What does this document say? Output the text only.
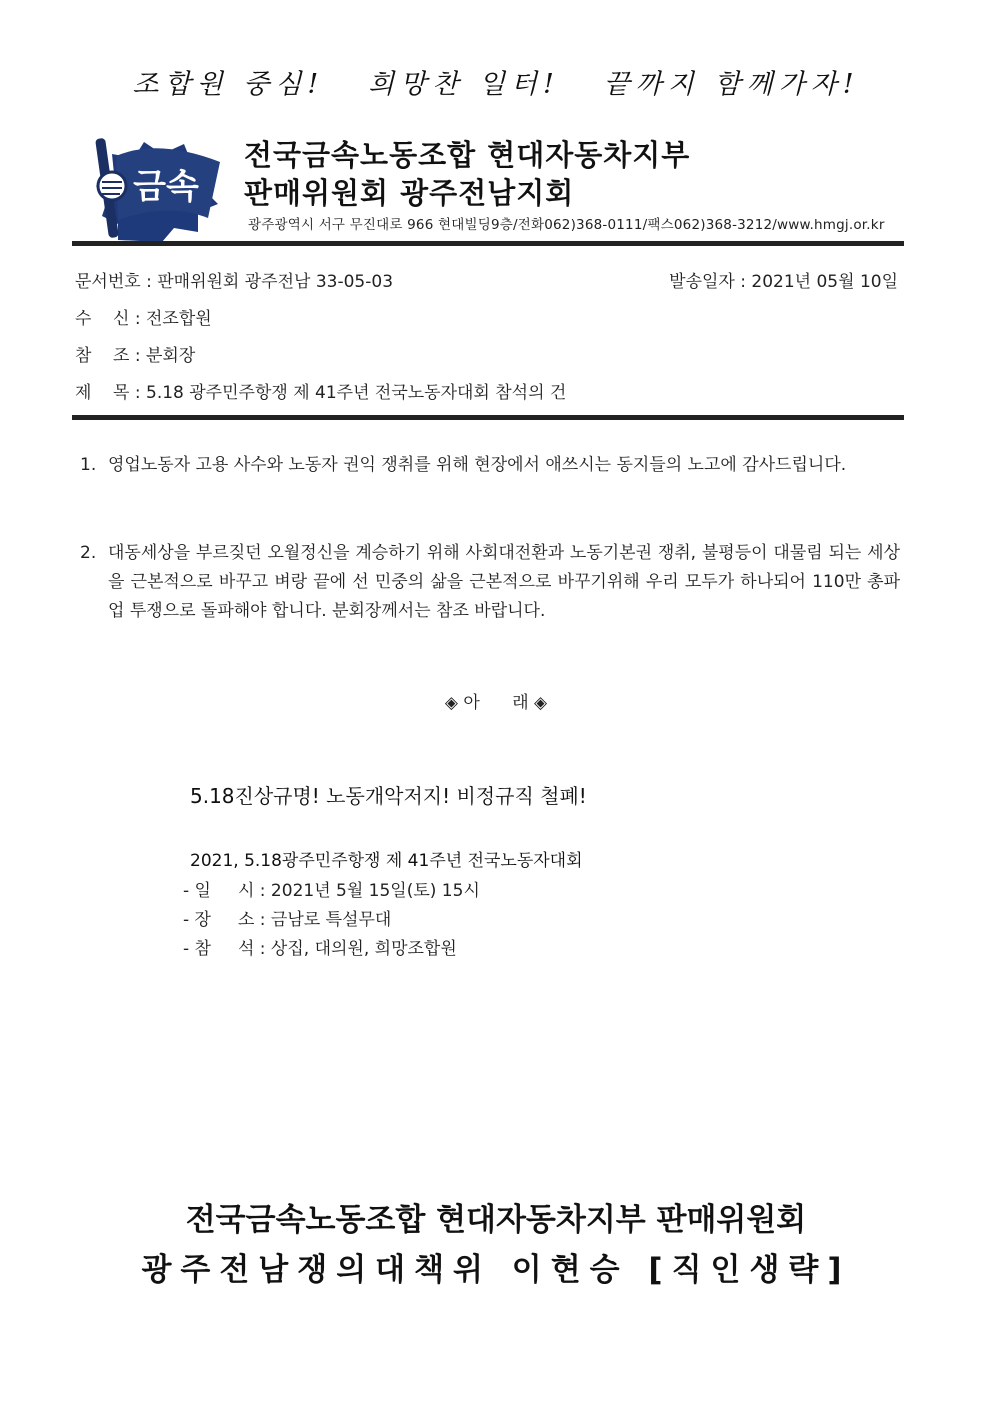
조합원 중심!   희망찬 일터!   끝까지 함께가자!
금속
전국금속노동조합 현대자동차지부
판매위원회 광주전남지회
광주광역시 서구 무진대로 966 현대빌딩9층/전화062)368-0111/팩스062)368-3212/www.hmgj.or.kr
문서번호 : 판매위원회 광주전남 33-05-03	발송일자 : 2021년 05월 10일
수    신 : 전조합원
참    조 : 분회장
제    목 : 5.18 광주민주항쟁 제 41주년 전국노동자대회 참석의 건
1. 영업노동자 고용 사수와 노동자 권익 쟁취를 위해 현장에서 애쓰시는 동지들의 노고에 감사드립니다.
2. 대동세상을 부르짖던 오월정신을 계승하기 위해 사회대전환과 노동기본권 쟁취, 불평등이 대물림 되는 세상을 근본적으로 바꾸고 벼랑 끝에 선 민중의 삶을 근본적으로 바꾸기위해 우리 모두가 하나되어 110만 총파업 투쟁으로 돌파해야 합니다. 분회장께서는 참조 바랍니다.
◈ 아      래 ◈
5.18진상규명! 노동개악저지! 비정규직 철폐!
2021, 5.18광주민주항쟁 제 41주년 전국노동자대회
- 일     시 : 2021년 5월 15일(토) 15시
- 장     소 : 금남로 특설무대
- 참     석 : 상집, 대의원, 희망조합원
전국금속노동조합 현대자동차지부 판매위원회
광주전남쟁의대책위 이현승 [직인생략]
